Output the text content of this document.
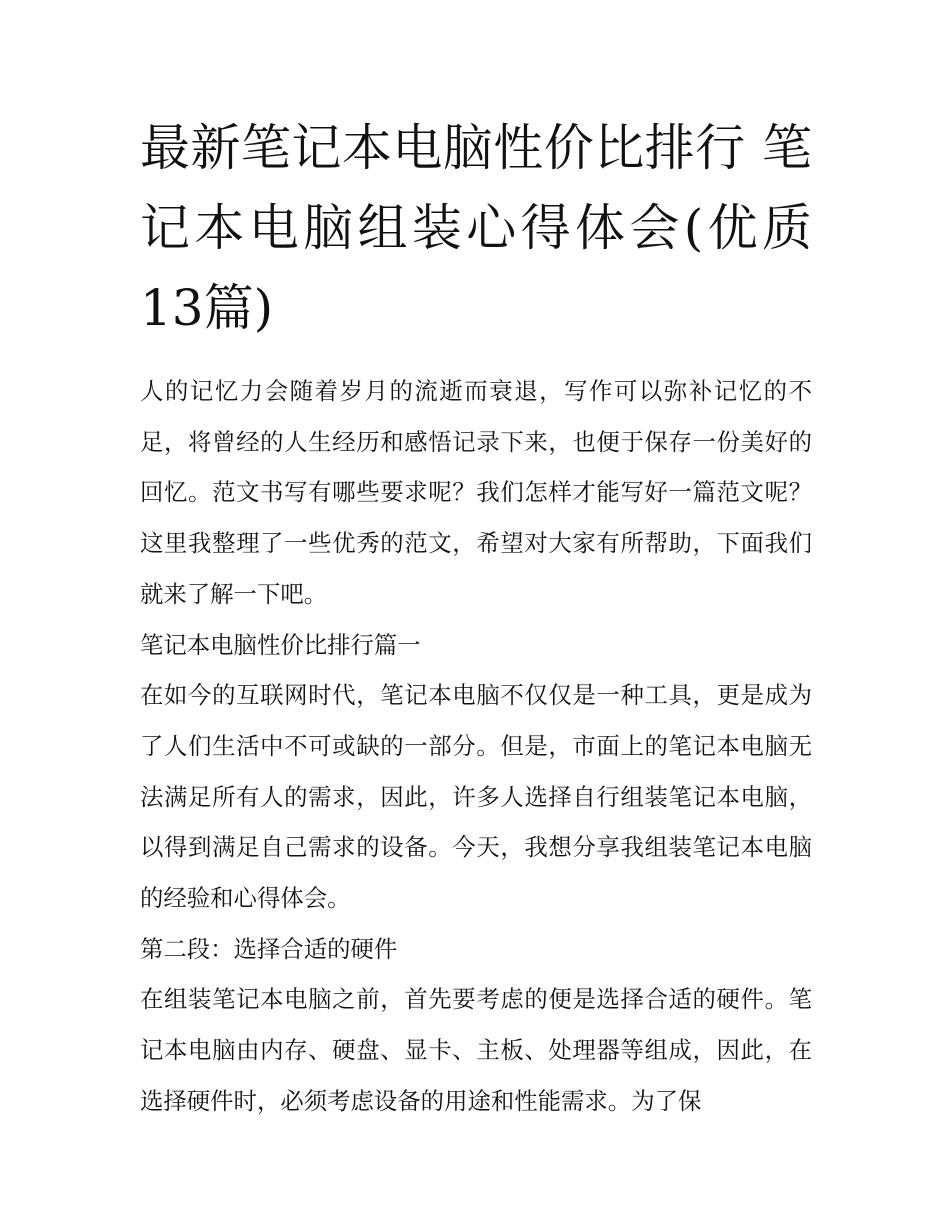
最新笔记本电脑性价比排行 笔记本电脑组装心得体会(优质13篇)

人的记忆力会随着岁月的流逝而衰退，写作可以弥补记忆的不足，将曾经的人生经历和感悟记录下来，也便于保存一份美好的回忆。范文书写有哪些要求呢？我们怎样才能写好一篇范文呢？这里我整理了一些优秀的范文，希望对大家有所帮助，下面我们就来了解一下吧。

笔记本电脑性价比排行篇一

在如今的互联网时代，笔记本电脑不仅仅是一种工具，更是成为了人们生活中不可或缺的一部分。但是，市面上的笔记本电脑无法满足所有人的需求，因此，许多人选择自行组装笔记本电脑，以得到满足自己需求的设备。今天，我想分享我组装笔记本电脑的经验和心得体会。

第二段：选择合适的硬件

在组装笔记本电脑之前，首先要考虑的便是选择合适的硬件。笔记本电脑由内存、硬盘、显卡、主板、处理器等组成，因此，在选择硬件时，必须考虑设备的用途和性能需求。为了保
